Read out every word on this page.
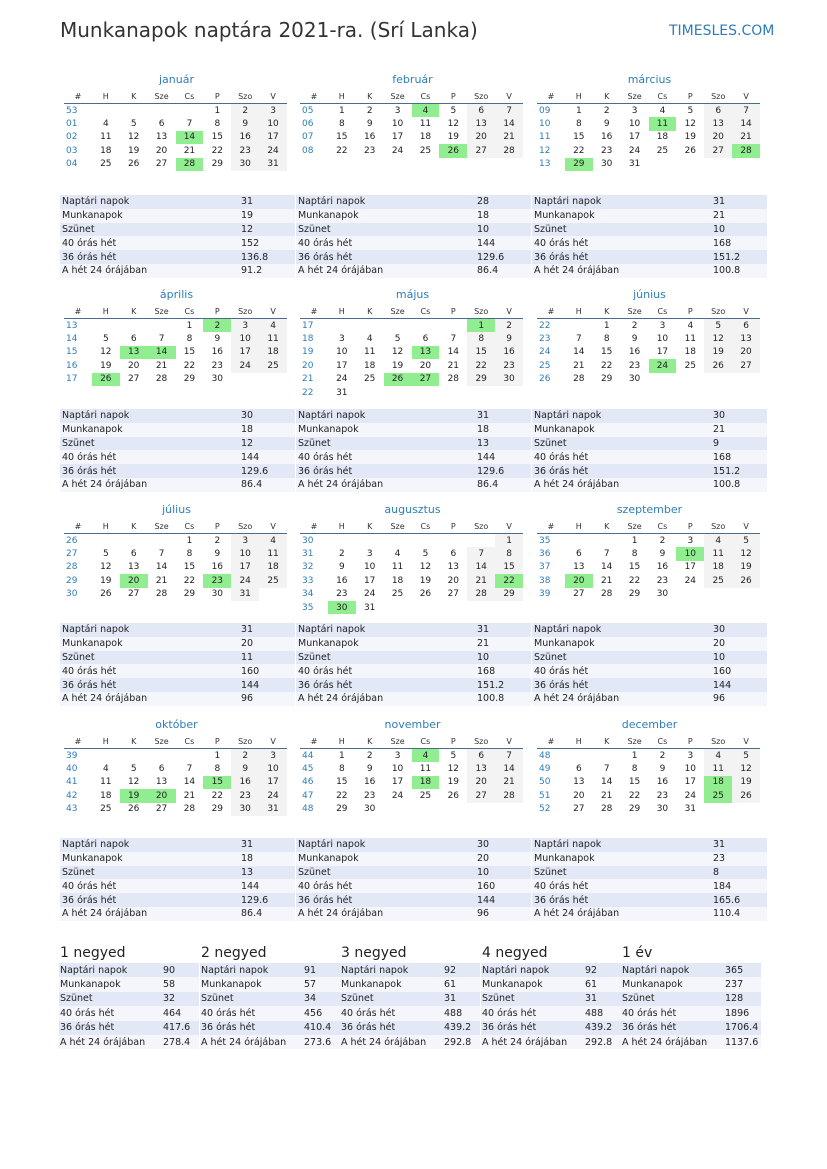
Munkanapok naptára 2021-ra. (Srí Lanka)	TIMESLES.COM
január
#	H	K	Sze	Cs	P	Szo	V
53					1	2	3
01	4	5	6	7	8	9	10
02	11	12	13	14	15	16	17
03	18	19	20	21	22	23	24
04	25	26	27	28	29	30	31
Naptári napok	31
Munkanapok	19
Szünet	12
40 órás hét	152
36 órás hét	136.8
A hét 24 órájában	91.2
február
#	H	K	Sze	Cs	P	Szo	V
05	1	2	3	4	5	6	7
06	8	9	10	11	12	13	14
07	15	16	17	18	19	20	21
08	22	23	24	25	26	27	28
Naptári napok	28
Munkanapok	18
Szünet	10
40 órás hét	144
36 órás hét	129.6
A hét 24 órájában	86.4
március
#	H	K	Sze	Cs	P	Szo	V
09	1	2	3	4	5	6	7
10	8	9	10	11	12	13	14
11	15	16	17	18	19	20	21
12	22	23	24	25	26	27	28
13	29	30	31				
Naptári napok	31
Munkanapok	21
Szünet	10
40 órás hét	168
36 órás hét	151.2
A hét 24 órájában	100.8
április
#	H	K	Sze	Cs	P	Szo	V
13				1	2	3	4
14	5	6	7	8	9	10	11
15	12	13	14	15	16	17	18
16	19	20	21	22	23	24	25
17	26	27	28	29	30		
Naptári napok	30
Munkanapok	18
Szünet	12
40 órás hét	144
36 órás hét	129.6
A hét 24 órájában	86.4
május
#	H	K	Sze	Cs	P	Szo	V
17						1	2
18	3	4	5	6	7	8	9
19	10	11	12	13	14	15	16
20	17	18	19	20	21	22	23
21	24	25	26	27	28	29	30
22	31						
Naptári napok	31
Munkanapok	18
Szünet	13
40 órás hét	144
36 órás hét	129.6
A hét 24 órájában	86.4
június
#	H	K	Sze	Cs	P	Szo	V
22		1	2	3	4	5	6
23	7	8	9	10	11	12	13
24	14	15	16	17	18	19	20
25	21	22	23	24	25	26	27
26	28	29	30				
Naptári napok	30
Munkanapok	21
Szünet	9
40 órás hét	168
36 órás hét	151.2
A hét 24 órájában	100.8
július
#	H	K	Sze	Cs	P	Szo	V
26				1	2	3	4
27	5	6	7	8	9	10	11
28	12	13	14	15	16	17	18
29	19	20	21	22	23	24	25
30	26	27	28	29	30	31	
Naptári napok	31
Munkanapok	20
Szünet	11
40 órás hét	160
36 órás hét	144
A hét 24 órájában	96
augusztus
#	H	K	Sze	Cs	P	Szo	V
30							1
31	2	3	4	5	6	7	8
32	9	10	11	12	13	14	15
33	16	17	18	19	20	21	22
34	23	24	25	26	27	28	29
35	30	31					
Naptári napok	31
Munkanapok	21
Szünet	10
40 órás hét	168
36 órás hét	151.2
A hét 24 órájában	100.8
szeptember
#	H	K	Sze	Cs	P	Szo	V
35			1	2	3	4	5
36	6	7	8	9	10	11	12
37	13	14	15	16	17	18	19
38	20	21	22	23	24	25	26
39	27	28	29	30			
Naptári napok	30
Munkanapok	20
Szünet	10
40 órás hét	160
36 órás hét	144
A hét 24 órájában	96
október
#	H	K	Sze	Cs	P	Szo	V
39					1	2	3
40	4	5	6	7	8	9	10
41	11	12	13	14	15	16	17
42	18	19	20	21	22	23	24
43	25	26	27	28	29	30	31
Naptári napok	31
Munkanapok	18
Szünet	13
40 órás hét	144
36 órás hét	129.6
A hét 24 órájában	86.4
november
#	H	K	Sze	Cs	P	Szo	V
44	1	2	3	4	5	6	7
45	8	9	10	11	12	13	14
46	15	16	17	18	19	20	21
47	22	23	24	25	26	27	28
48	29	30					
Naptári napok	30
Munkanapok	20
Szünet	10
40 órás hét	160
36 órás hét	144
A hét 24 órájában	96
december
#	H	K	Sze	Cs	P	Szo	V
48			1	2	3	4	5
49	6	7	8	9	10	11	12
50	13	14	15	16	17	18	19
51	20	21	22	23	24	25	26
52	27	28	29	30	31		
Naptári napok	31
Munkanapok	23
Szünet	8
40 órás hét	184
36 órás hét	165.6
A hét 24 órájában	110.4
1 negyed
Naptári napok	90
Munkanapok	58
Szünet	32
40 órás hét	464
36 órás hét	417.6
A hét 24 órájában	278.4
2 negyed
Naptári napok	91
Munkanapok	57
Szünet	34
40 órás hét	456
36 órás hét	410.4
A hét 24 órájában	273.6
3 negyed
Naptári napok	92
Munkanapok	61
Szünet	31
40 órás hét	488
36 órás hét	439.2
A hét 24 órájában	292.8
4 negyed
Naptári napok	92
Munkanapok	61
Szünet	31
40 órás hét	488
36 órás hét	439.2
A hét 24 órájában	292.8
1 év
Naptári napok	365
Munkanapok	237
Szünet	128
40 órás hét	1896
36 órás hét	1706.4
A hét 24 órájában	1137.6
